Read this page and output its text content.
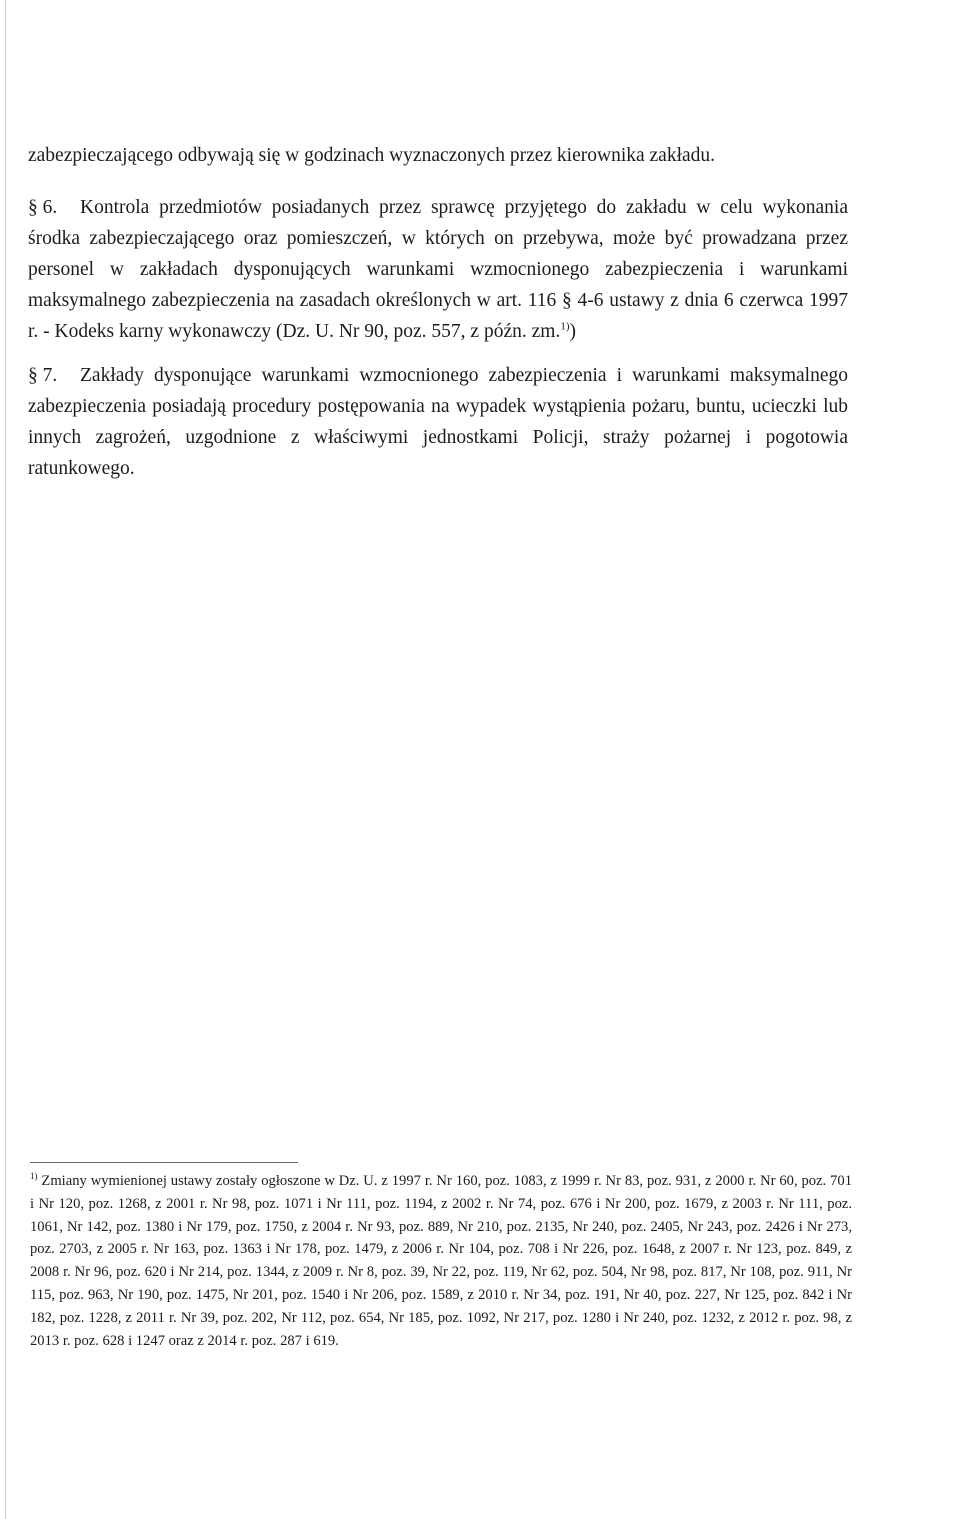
zabezpieczającego odbywają się w godzinach wyznaczonych przez kierownika zakładu.

§ 6. Kontrola przedmiotów posiadanych przez sprawcę przyjętego do zakładu w celu wykonania środka zabezpieczającego oraz pomieszczeń, w których on przebywa, może być prowadzana przez personel w zakładach dysponujących warunkami wzmocnionego zabezpieczenia i warunkami maksymalnego zabezpieczenia na zasadach określonych w art. 116 § 4-6 ustawy z dnia 6 czerwca 1997 r. - Kodeks karny wykonawczy (Dz. U. Nr 90, poz. 557, z późn. zm.$^{1)}$)

§ 7. Zakłady dysponujące warunkami wzmocnionego zabezpieczenia i warunkami maksymalnego zabezpieczenia posiadają procedury postępowania na wypadek wystąpienia pożaru, buntu, ucieczki lub innych zagrożeń, uzgodnione z właściwymi jednostkami Policji, straży pożarnej i pogotowia ratunkowego.

$^{1)}$ Zmiany wymienionej ustawy zostały ogłoszone w Dz. U. z 1997 r. Nr 160, poz. 1083, z 1999 r. Nr 83, poz. 931, z 2000 r. Nr 60, poz. 701 i Nr 120, poz. 1268, z 2001 r. Nr 98, poz. 1071 i Nr 111, poz. 1194, z 2002 r. Nr 74, poz. 676 i Nr 200, poz. 1679, z 2003 r. Nr 111, poz. 1061, Nr 142, poz. 1380 i Nr 179, poz. 1750, z 2004 r. Nr 93, poz. 889, Nr 210, poz. 2135, Nr 240, poz. 2405, Nr 243, poz. 2426 i Nr 273, poz. 2703, z 2005 r. Nr 163, poz. 1363 i Nr 178, poz. 1479, z 2006 r. Nr 104, poz. 708 i Nr 226, poz. 1648, z 2007 r. Nr 123, poz. 849, z 2008 r. Nr 96, poz. 620 i Nr 214, poz. 1344, z 2009 r. Nr 8, poz. 39, Nr 22, poz. 119, Nr 62, poz. 504, Nr 98, poz. 817, Nr 108, poz. 911, Nr 115, poz. 963, Nr 190, poz. 1475, Nr 201, poz. 1540 i Nr 206, poz. 1589, z 2010 r. Nr 34, poz. 191, Nr 40, poz. 227, Nr 125, poz. 842 i Nr 182, poz. 1228, z 2011 r. Nr 39, poz. 202, Nr 112, poz. 654, Nr 185, poz. 1092, Nr 217, poz. 1280 i Nr 240, poz. 1232, z 2012 r. poz. 98, z 2013 r. poz. 628 i 1247 oraz z 2014 r. poz. 287 i 619.
